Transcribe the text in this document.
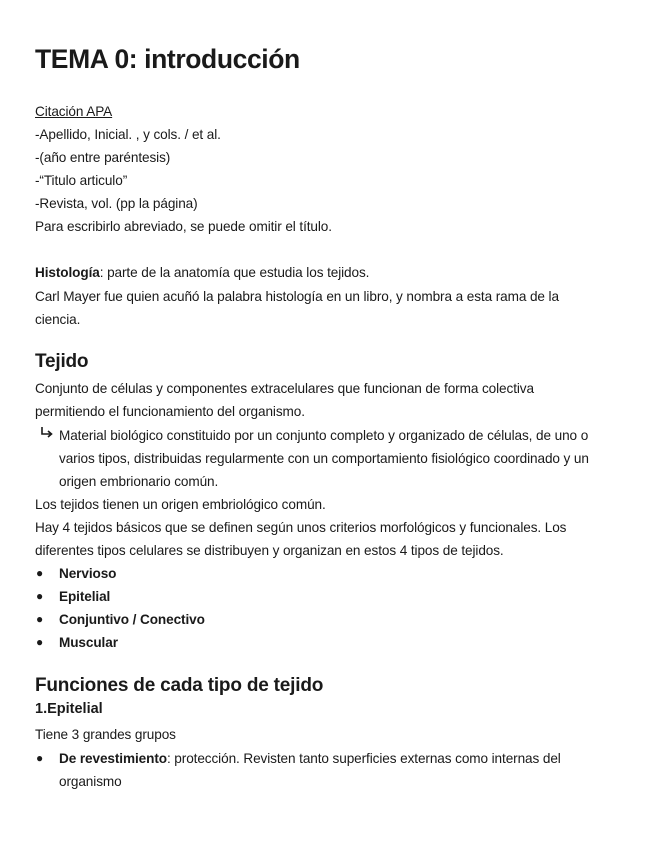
TEMA 0: introducción
Citación APA
-Apellido, Inicial. , y cols. / et al.
-(año entre paréntesis)
-“Titulo articulo”
-Revista, vol. (pp la página)
Para escribirlo abreviado, se puede omitir el título.
Histología: parte de la anatomía que estudia los tejidos.
Carl Mayer fue quien acuñó la palabra histología en un libro, y nombra a esta rama de la
ciencia.
Tejido
Conjunto de células y componentes extracelulares que funcionan de forma colectiva
permitiendo el funcionamiento del organismo.
Material biológico constituido por un conjunto completo y organizado de células, de uno o
varios tipos, distribuidas regularmente con un comportamiento fisiológico coordinado y un
origen embrionario común.
Los tejidos tienen un origen embriológico común.
Hay 4 tejidos básicos que se definen según unos criterios morfológicos y funcionales. Los
diferentes tipos celulares se distribuyen y organizan en estos 4 tipos de tejidos.
● Nervioso
● Epitelial
● Conjuntivo / Conectivo
● Muscular
Funciones de cada tipo de tejido
1.Epitelial
Tiene 3 grandes grupos
● De revestimiento: protección. Revisten tanto superficies externas como internas del
organismo
